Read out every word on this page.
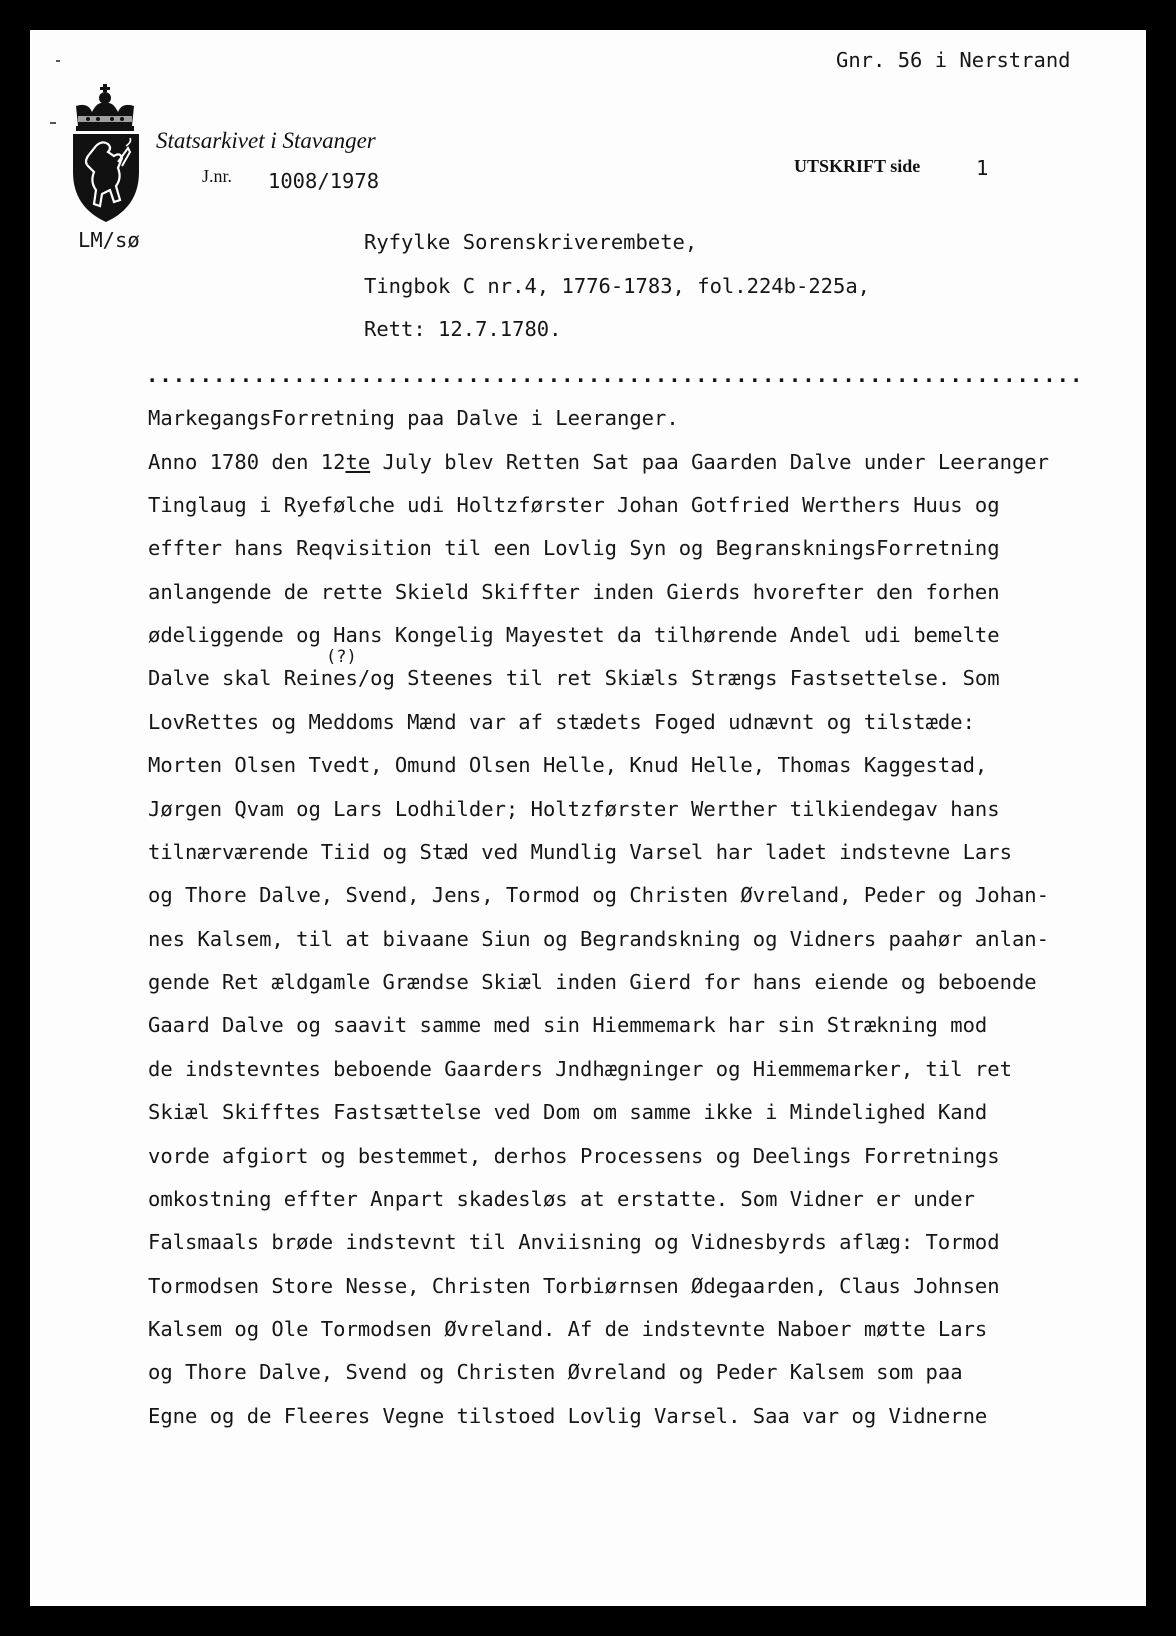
Gnr. 56 i Nerstrand
Statsarkivet i Stavanger
J.nr. 1008/1978
UTSKRIFT side	1
LM/sø	Ryfylke Sorenskriverembete,
Tingbok C nr.4, 1776-1783, fol.224b-225a,
Rett: 12.7.1780.
......................................................................
MarkegangsForretning paa Dalve i Leeranger.
Anno 1780 den 12te July blev Retten Sat paa Gaarden Dalve under Leeranger
Tinglaug i Ryefølche udi Holtzførster Johan Gotfried Werthers Huus og
effter hans Reqvisition til een Lovlig Syn og BegranskningsForretning
anlangende de rette Skield Skiffter inden Gierds hvorefter den forhen
ødeliggende og Hans Kongelig Mayestet da tilhørende Andel udi bemelte
(?)
Dalve skal Reines/og Steenes til ret Skiæls Strængs Fastsettelse. Som
LovRettes og Meddoms Mænd var af stædets Foged udnævnt og tilstæde:
Morten Olsen Tvedt, Omund Olsen Helle, Knud Helle, Thomas Kaggestad,
Jørgen Qvam og Lars Lodhilder; Holtzførster Werther tilkiendegav hans
tilnærværende Tiid og Stæd ved Mundlig Varsel har ladet indstevne Lars
og Thore Dalve, Svend, Jens, Tormod og Christen Øvreland, Peder og Johan-
nes Kalsem, til at bivaane Siun og Begrandskning og Vidners paahør anlan-
gende Ret ældgamle Grændse Skiæl inden Gierd for hans eiende og beboende
Gaard Dalve og saavit samme med sin Hiemmemark har sin Strækning mod
de indstevntes beboende Gaarders Jndhægninger og Hiemmemarker, til ret
Skiæl Skifftes Fastsættelse ved Dom om samme ikke i Mindelighed Kand
vorde afgiort og bestemmet, derhos Processens og Deelings Forretnings
omkostning effter Anpart skadesløs at erstatte. Som Vidner er under
Falsmaals brøde indstevnt til Anviisning og Vidnesbyrds aflæg: Tormod
Tormodsen Store Nesse, Christen Torbiørnsen Ødegaarden, Claus Johnsen
Kalsem og Ole Tormodsen Øvreland. Af de indstevnte Naboer møtte Lars
og Thore Dalve, Svend og Christen Øvreland og Peder Kalsem som paa
Egne og de Fleeres Vegne tilstoed Lovlig Varsel. Saa var og Vidnerne
